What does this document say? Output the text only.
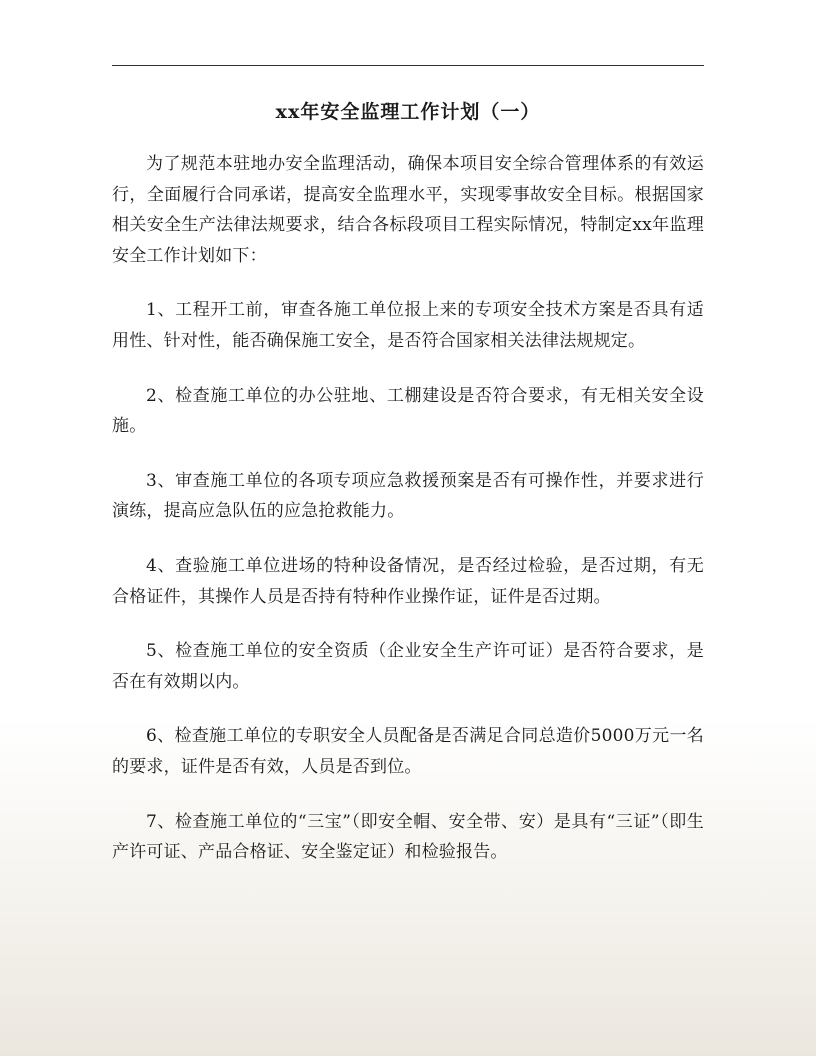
xx年安全监理工作计划（一）

为了规范本驻地办安全监理活动，确保本项目安全综合管理体系的有效运行，全面履行合同承诺，提高安全监理水平，实现零事故安全目标。根据国家相关安全生产法律法规要求，结合各标段项目工程实际情况，特制定xx年监理安全工作计划如下：

1、工程开工前，审查各施工单位报上来的专项安全技术方案是否具有适用性、针对性，能否确保施工安全，是否符合国家相关法律法规规定。

2、检查施工单位的办公驻地、工棚建设是否符合要求，有无相关安全设施。

3、审查施工单位的各项专项应急救援预案是否有可操作性，并要求进行演练，提高应急队伍的应急抢救能力。

4、查验施工单位进场的特种设备情况，是否经过检验，是否过期，有无合格证件，其操作人员是否持有特种作业操作证，证件是否过期。

5、检查施工单位的安全资质（企业安全生产许可证）是否符合要求，是否在有效期以内。

6、检查施工单位的专职安全人员配备是否满足合同总造价5000万元一名的要求，证件是否有效，人员是否到位。

7、检查施工单位的“三宝”（即安全帽、安全带、安）是具有“三证”（即生产许可证、产品合格证、安全鉴定证）和检验报告。
